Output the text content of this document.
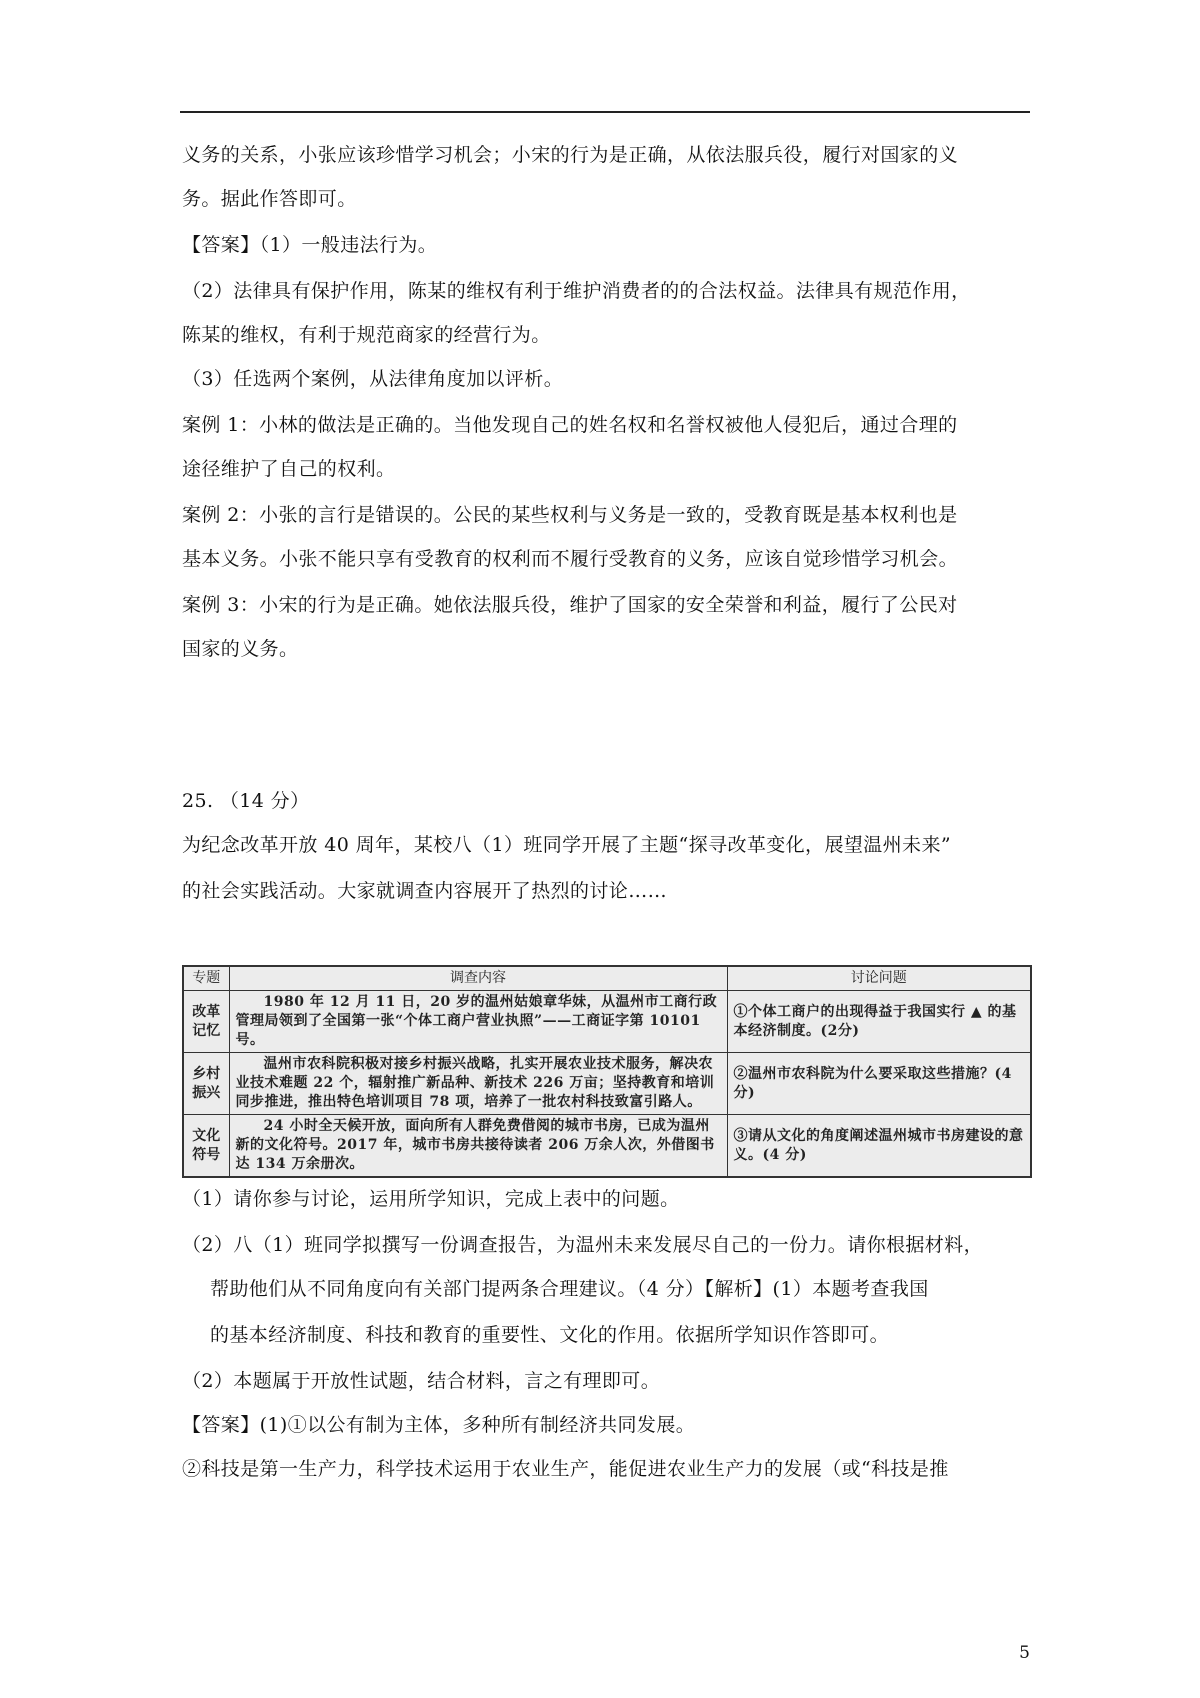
义务的关系，小张应该珍惜学习机会；小宋的行为是正确，从依法服兵役，履行对国家的义
务。据此作答即可。
【答案】（1）一般违法行为。
（2）法律具有保护作用，陈某的维权有利于维护消费者的的合法权益。法律具有规范作用，
陈某的维权，有利于规范商家的经营行为。
（3）任选两个案例，从法律角度加以评析。
案例 1：小林的做法是正确的。当他发现自己的姓名权和名誉权被他人侵犯后，通过合理的
途径维护了自己的权利。
案例 2：小张的言行是错误的。公民的某些权利与义务是一致的，受教育既是基本权利也是
基本义务。小张不能只享有受教育的权利而不履行受教育的义务，应该自觉珍惜学习机会。
案例 3：小宋的行为是正确。她依法服兵役，维护了国家的安全荣誉和利益，履行了公民对
国家的义务。
25. （14 分）
为纪念改革开放 40 周年，某校八（1）班同学开展了主题“探寻改革变化，展望温州未来”
的社会实践活动。大家就调查内容展开了热烈的讨论……
（1）请你参与讨论，运用所学知识，完成上表中的问题。
（2）八（1）班同学拟撰写一份调查报告，为温州未来发展尽自己的一份力。请你根据材料，
帮助他们从不同角度向有关部门提两条合理建议。（4 分）【解析】(1）本题考查我国
的基本经济制度、科技和教育的重要性、文化的作用。依据所学知识作答即可。
（2）本题属于开放性试题，结合材料，言之有理即可。
【答案】(1)①以公有制为主体，多种所有制经济共同发展。
②科技是第一生产力，科学技术运用于农业生产，能促进农业生产力的发展（或“科技是推
专题	调查内容	讨论问题
改革记忆	1980 年 12 月 11 日，20 岁的温州姑娘章华妹，从温州市工商行政管理局领到了全国第一张“个体工商户营业执照”——工商证字第 10101 号。	①个体工商户的出现得益于我国实行 ▲ 的基本经济制度。(2分)
乡村振兴	温州市农科院积极对接乡村振兴战略，扎实开展农业技术服务，解决农业技术难题 22 个，辐射推广新品种、新技术 226 万亩；坚持教育和培训同步推进，推出特色培训项目 78 项，培养了一批农村科技致富引路人。	②温州市农科院为什么要采取这些措施？(4 分)
文化符号	24 小时全天候开放，面向所有人群免费借阅的城市书房，已成为温州新的文化符号。2017 年，城市书房共接待读者 206 万余人次，外借图书达 134 万余册次。	③请从文化的角度阐述温州城市书房建设的意义。(4 分)
5
